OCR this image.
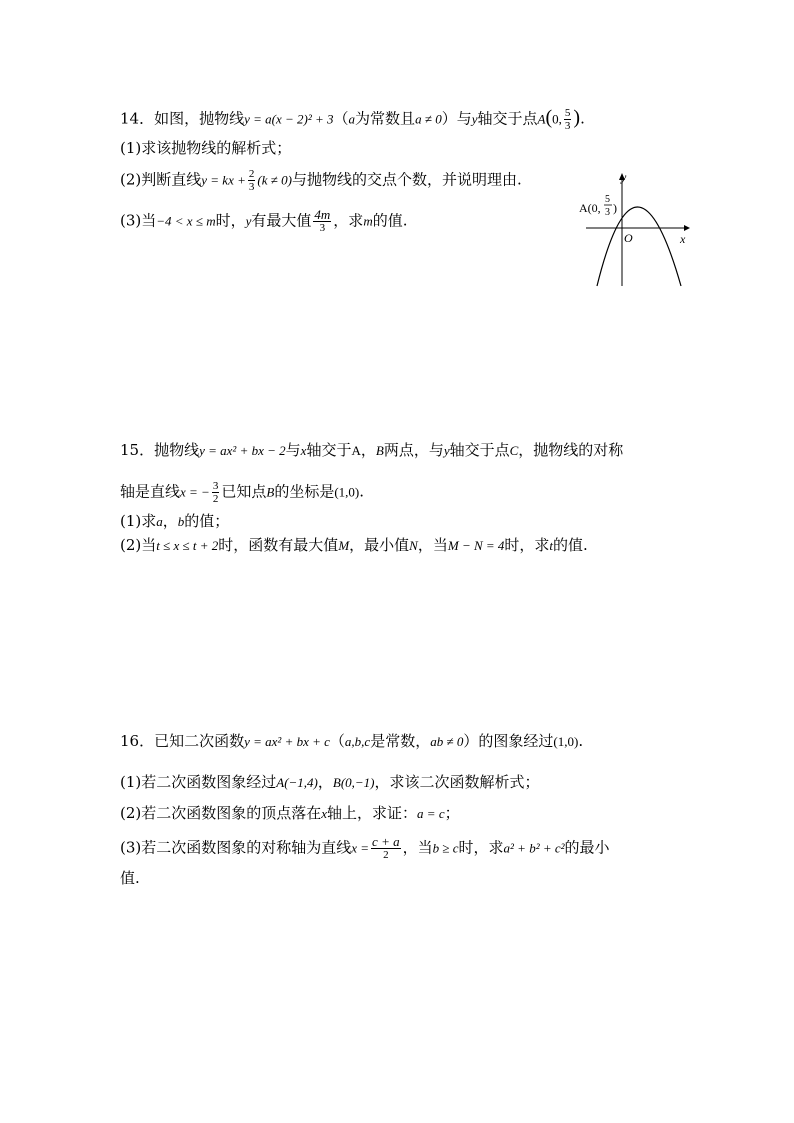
14．如图，抛物线y = a(x − 2)² + 3（a为常数且a ≠ 0）与y轴交于点A(0, $\frac{5}{3}$ ).
(1)求该抛物线的解析式；
(2)判断直线y = kx + $\frac{2}{3} (k \ne 0)$与抛物线的交点个数，并说明理由.
(3)当−4 < x ≤ m时，y有最大值 $\frac{4m}{3}$ ，求m的值.
y
x
O
A(0,
5
3 )
15．抛物线y = ax² + bx − 2与x轴交于A，B两点，与y轴交于点C，抛物线的对称
轴是直线x = − $\frac{3}{2}$ 已知点B的坐标是(1,0).
(1)求a，b的值；
(2)当t ≤ x ≤ t + 2时，函数有最大值M，最小值N，当M − N = 4时，求t的值.
16．已知二次函数y = ax² + bx + c（a,b,c是常数，ab ≠ 0）的图象经过(1,0).
(1)若二次函数图象经过A(−1,4)，B(0,−1)，求该二次函数解析式；
(2)若二次函数图象的顶点落在x轴上，求证：a = c；
(3)若二次函数图象的对称轴为直线$x = \frac{c + a}{2}$ ，当b ≥ c时，求a² + b² + c²的最小
值.
